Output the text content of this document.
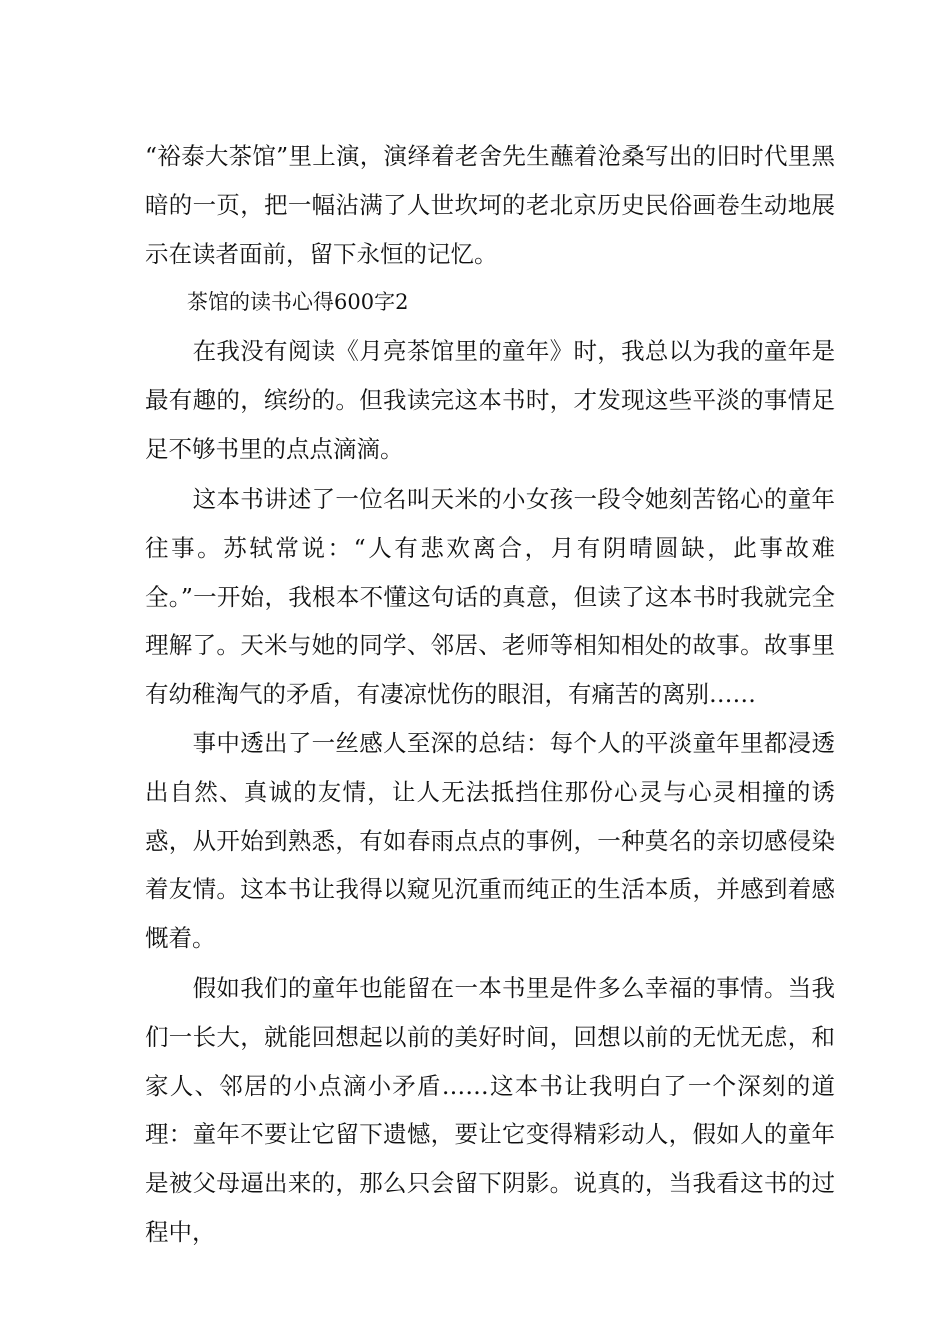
“裕泰大茶馆”里上演，演绎着老舍先生蘸着沧桑写出的旧时代里黑暗的一页，把一幅沾满了人世坎坷的老北京历史民俗画卷生动地展示在读者面前，留下永恒的记忆。

　　茶馆的读书心得600字2

　　在我没有阅读《月亮茶馆里的童年》时，我总以为我的童年是最有趣的，缤纷的。但我读完这本书时，才发现这些平淡的事情足足不够书里的点点滴滴。

　　这本书讲述了一位名叫天米的小女孩一段令她刻苦铭心的童年往事。苏轼常说：“人有悲欢离合，月有阴晴圆缺，此事故难全。”一开始，我根本不懂这句话的真意，但读了这本书时我就完全理解了。天米与她的同学、邻居、老师等相知相处的故事。故事里有幼稚淘气的矛盾，有凄凉忧伤的眼泪，有痛苦的离别……

　　事中透出了一丝感人至深的总结：每个人的平淡童年里都浸透出自然、真诚的友情，让人无法抵挡住那份心灵与心灵相撞的诱惑，从开始到熟悉，有如春雨点点的事例，一种莫名的亲切感侵染着友情。这本书让我得以窥见沉重而纯正的生活本质，并感到着感慨着。

　　假如我们的童年也能留在一本书里是件多么幸福的事情。当我们一长大，就能回想起以前的美好时间，回想以前的无忧无虑，和家人、邻居的小点滴小矛盾……这本书让我明白了一个深刻的道理：童年不要让它留下遗憾，要让它变得精彩动人，假如人的童年是被父母逼出来的，那么只会留下阴影。说真的，当我看这书的过程中，
